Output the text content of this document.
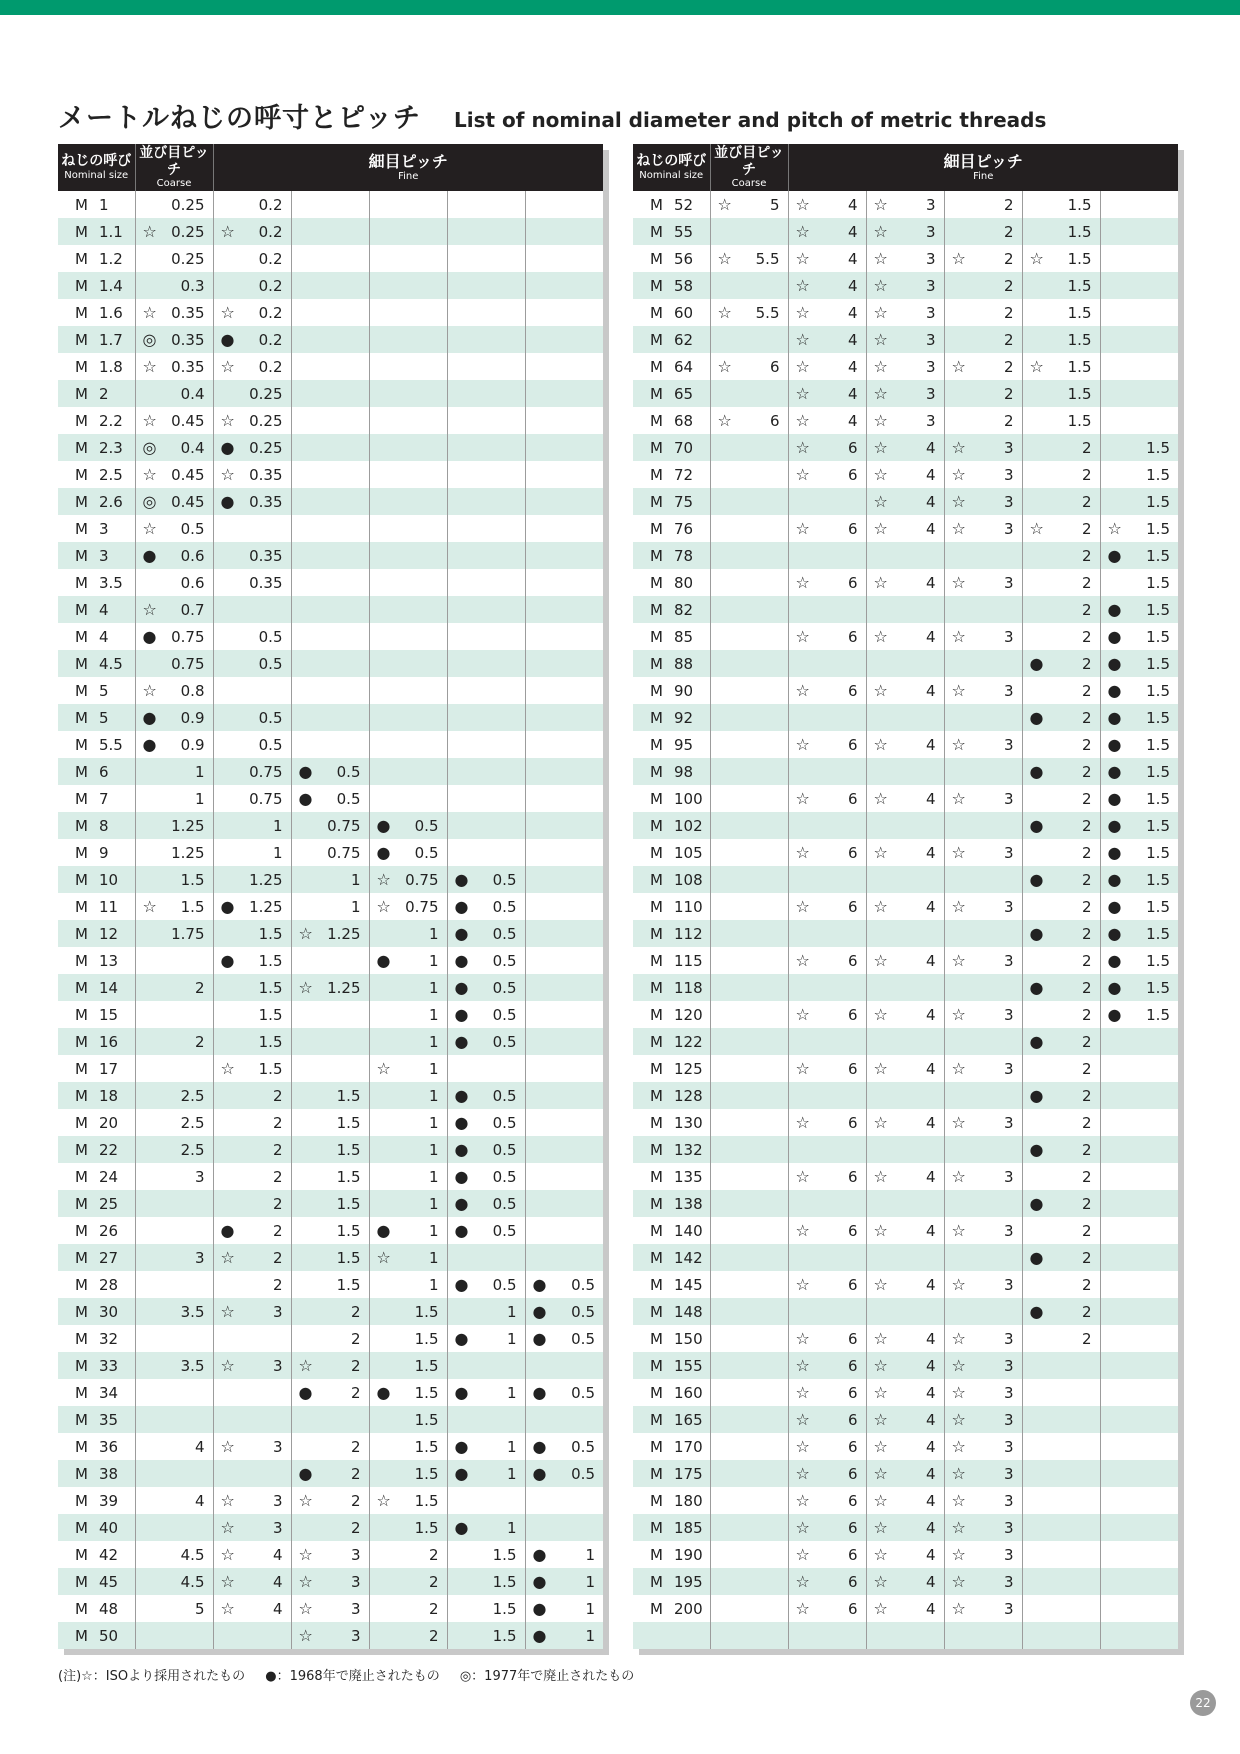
メートルねじの呼寸とピッチ List of nominal diameter and pitch of metric threads
ねじの呼び
Nominal size	並び目ピッチ
Coarse	細目ピッチ
Fine				

M 1	0.25	0.2				
M 1.1	☆ 0.25	☆ 0.2				
M 1.2	0.25	0.2				
M 1.4	0.3	0.2				
M 1.6	☆ 0.35	☆ 0.2				
M 1.7	◎ 0.35	● 0.2				
M 1.8	☆ 0.35	☆ 0.2				
M 2	0.4	0.25				
M 2.2	☆ 0.45	☆ 0.25				
M 2.3	◎ 0.4	● 0.25				
M 2.5	☆ 0.45	☆ 0.35				
M 2.6	◎ 0.45	● 0.35				
M 3	☆ 0.5					
M 3	● 0.6	0.35				
M 3.5	0.6	0.35				
M 4	☆ 0.7					
M 4	● 0.75	0.5				
M 4.5	0.75	0.5				
M 5	☆ 0.8					
M 5	● 0.9	0.5				
M 5.5	● 0.9	0.5				
M 6	1	0.75	● 0.5			
M 7	1	0.75	● 0.5			
M 8	1.25	1	0.75	● 0.5		
M 9	1.25	1	0.75	● 0.5		
M 10	1.5	1.25	1	☆ 0.75	● 0.5	
M 11	☆ 1.5	● 1.25	1	☆ 0.75	● 0.5	
M 12	1.75	1.5	☆ 1.25	1	● 0.5	
M 13		● 1.5		● 1	● 0.5	
M 14	2	1.5	☆ 1.25	1	● 0.5	
M 15		1.5		1	● 0.5	
M 16	2	1.5		1	● 0.5	
M 17		☆ 1.5		☆ 1		
M 18	2.5	2	1.5	1	● 0.5	
M 20	2.5	2	1.5	1	● 0.5	
M 22	2.5	2	1.5	1	● 0.5	
M 24	3	2	1.5	1	● 0.5	
M 25		2	1.5	1	● 0.5	
M 26		● 2	1.5	● 1	● 0.5	
M 27	3	☆ 2	1.5	☆ 1		
M 28		2	1.5	1	● 0.5	● 0.5
M 30	3.5	☆ 3	2	1.5	1	● 0.5
M 32			2	1.5	● 1	● 0.5
M 33	3.5	☆ 3	☆ 2	1.5		
M 34			● 2	● 1.5	● 1	● 0.5
M 35				1.5		
M 36	4	☆ 3	2	1.5	● 1	● 0.5
M 38			● 2	1.5	● 1	● 0.5
M 39	4	☆ 3	☆ 2	☆ 1.5		
M 40		☆ 3	2	1.5	● 1	
M 42	4.5	☆ 4	☆ 3	2	1.5	● 1
M 45	4.5	☆ 4	☆ 3	2	1.5	● 1
M 48	5	☆ 4	☆ 3	2	1.5	● 1
M 50			☆ 3	2	1.5	● 1
ねじの呼び
Nominal size	並び目ピッチ
Coarse	細目ピッチ
Fine				

M 52	☆ 5	☆ 4	☆ 3	2	1.5	
M 55		☆ 4	☆ 3	2	1.5	
M 56	☆ 5.5	☆ 4	☆ 3	☆ 2	☆ 1.5	
M 58		☆ 4	☆ 3	2	1.5	
M 60	☆ 5.5	☆ 4	☆ 3	2	1.5	
M 62		☆ 4	☆ 3	2	1.5	
M 64	☆ 6	☆ 4	☆ 3	☆ 2	☆ 1.5	
M 65		☆ 4	☆ 3	2	1.5	
M 68	☆ 6	☆ 4	☆ 3	2	1.5	
M 70		☆ 6	☆ 4	☆ 3	2	1.5
M 72		☆ 6	☆ 4	☆ 3	2	1.5
M 75			☆ 4	☆ 3	2	1.5
M 76		☆ 6	☆ 4	☆ 3	☆ 2	☆ 1.5
M 78					2	● 1.5
M 80		☆ 6	☆ 4	☆ 3	2	1.5
M 82					2	● 1.5
M 85		☆ 6	☆ 4	☆ 3	2	● 1.5
M 88					● 2	● 1.5
M 90		☆ 6	☆ 4	☆ 3	2	● 1.5
M 92					● 2	● 1.5
M 95		☆ 6	☆ 4	☆ 3	2	● 1.5
M 98					● 2	● 1.5
M 100		☆ 6	☆ 4	☆ 3	2	● 1.5
M 102					● 2	● 1.5
M 105		☆ 6	☆ 4	☆ 3	2	● 1.5
M 108					● 2	● 1.5
M 110		☆ 6	☆ 4	☆ 3	2	● 1.5
M 112					● 2	● 1.5
M 115		☆ 6	☆ 4	☆ 3	2	● 1.5
M 118					● 2	● 1.5
M 120		☆ 6	☆ 4	☆ 3	2	● 1.5
M 122					● 2	
M 125		☆ 6	☆ 4	☆ 3	2	
M 128					● 2	
M 130		☆ 6	☆ 4	☆ 3	2	
M 132					● 2	
M 135		☆ 6	☆ 4	☆ 3	2	
M 138					● 2	
M 140		☆ 6	☆ 4	☆ 3	2	
M 142					● 2	
M 145		☆ 6	☆ 4	☆ 3	2	
M 148					● 2	
M 150		☆ 6	☆ 4	☆ 3	2	
M 155		☆ 6	☆ 4	☆ 3		
M 160		☆ 6	☆ 4	☆ 3		
M 165		☆ 6	☆ 4	☆ 3		
M 170		☆ 6	☆ 4	☆ 3		
M 175		☆ 6	☆ 4	☆ 3		
M 180		☆ 6	☆ 4	☆ 3		
M 185		☆ 6	☆ 4	☆ 3		
M 190		☆ 6	☆ 4	☆ 3		
M 195		☆ 6	☆ 4	☆ 3		
M 200		☆ 6	☆ 4	☆ 3		

(注)☆：ISOより採用されたもの ●：1968年で廃止されたもの ◎：1977年で廃止されたもの
22
